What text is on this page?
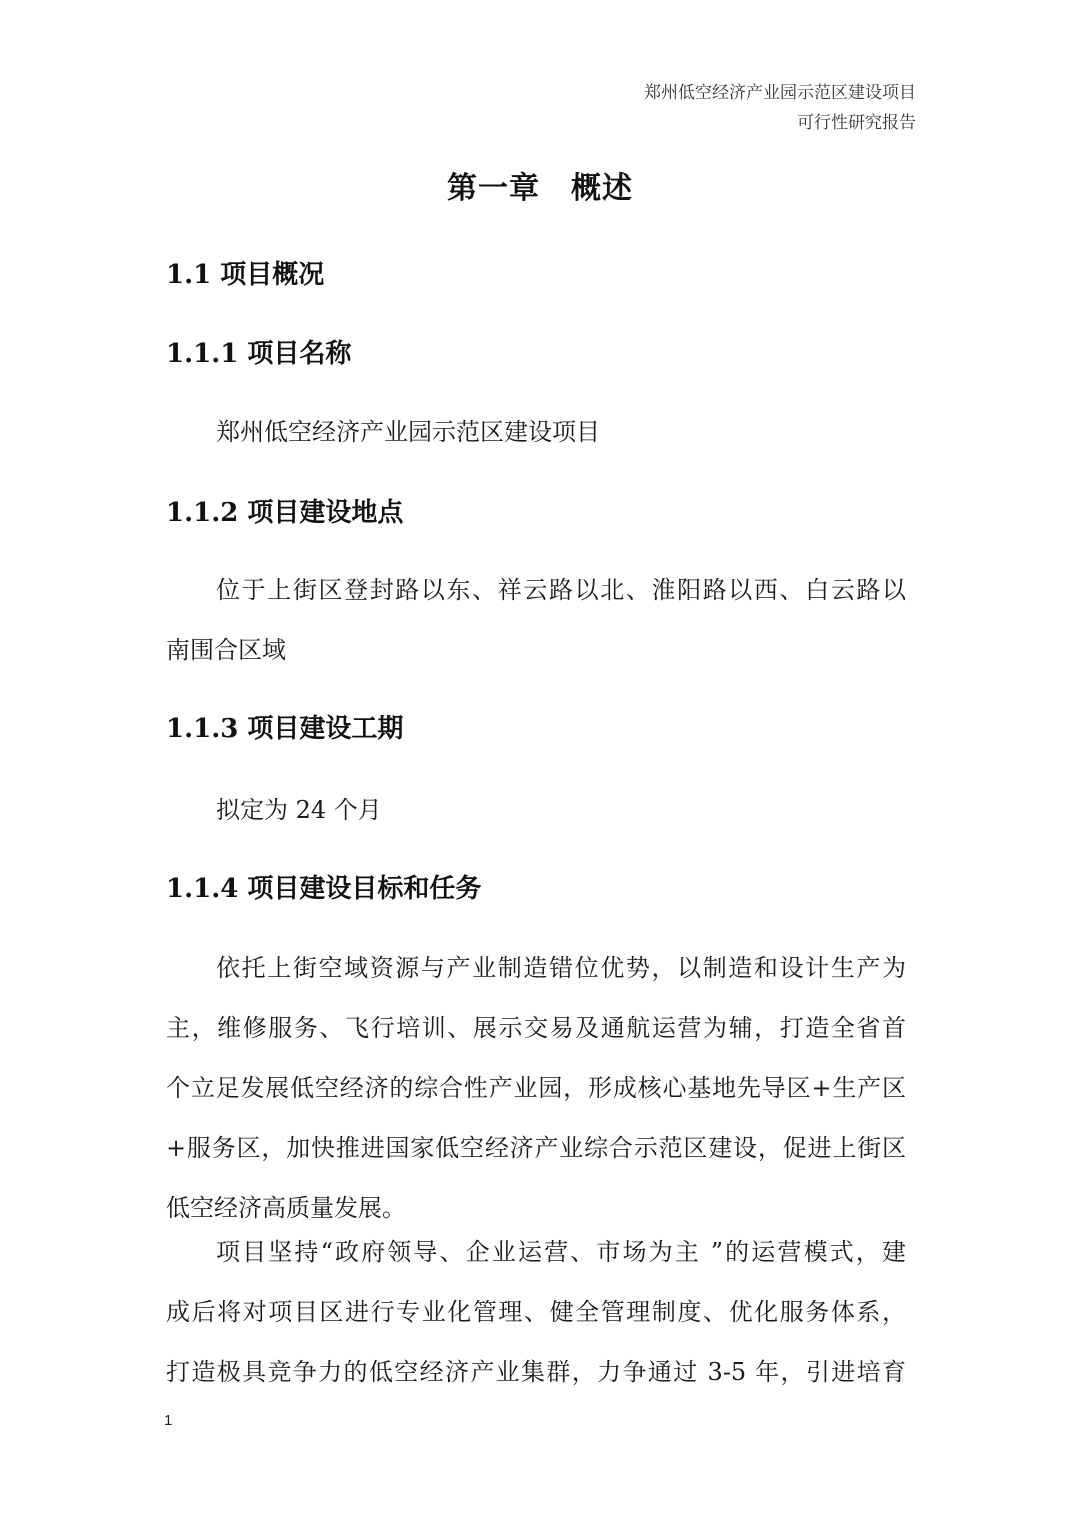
郑州低空经济产业园示范区建设项目
可行性研究报告
第一章　概述
1.1 项目概况
1.1.1 项目名称
郑州低空经济产业园示范区建设项目
1.1.2 项目建设地点
位于上街区登封路以东、祥云路以北、淮阳路以西、白云路以
南围合区域
1.1.3 项目建设工期
拟定为 24 个月
1.1.4 项目建设目标和任务
依托上街空域资源与产业制造错位优势，以制造和设计生产为
主，维修服务、飞行培训、展示交易及通航运营为辅，打造全省首
个立足发展低空经济的综合性产业园，形成核心基地先导区+生产区
+服务区，加快推进国家低空经济产业综合示范区建设，促进上街区
低空经济高质量发展。
项目坚持“政府领导、企业运营、市场为主 ”的运营模式，建
成后将对项目区进行专业化管理、健全管理制度、优化服务体系，
打造极具竞争力的低空经济产业集群，力争通过 3-5 年，引进培育
1
